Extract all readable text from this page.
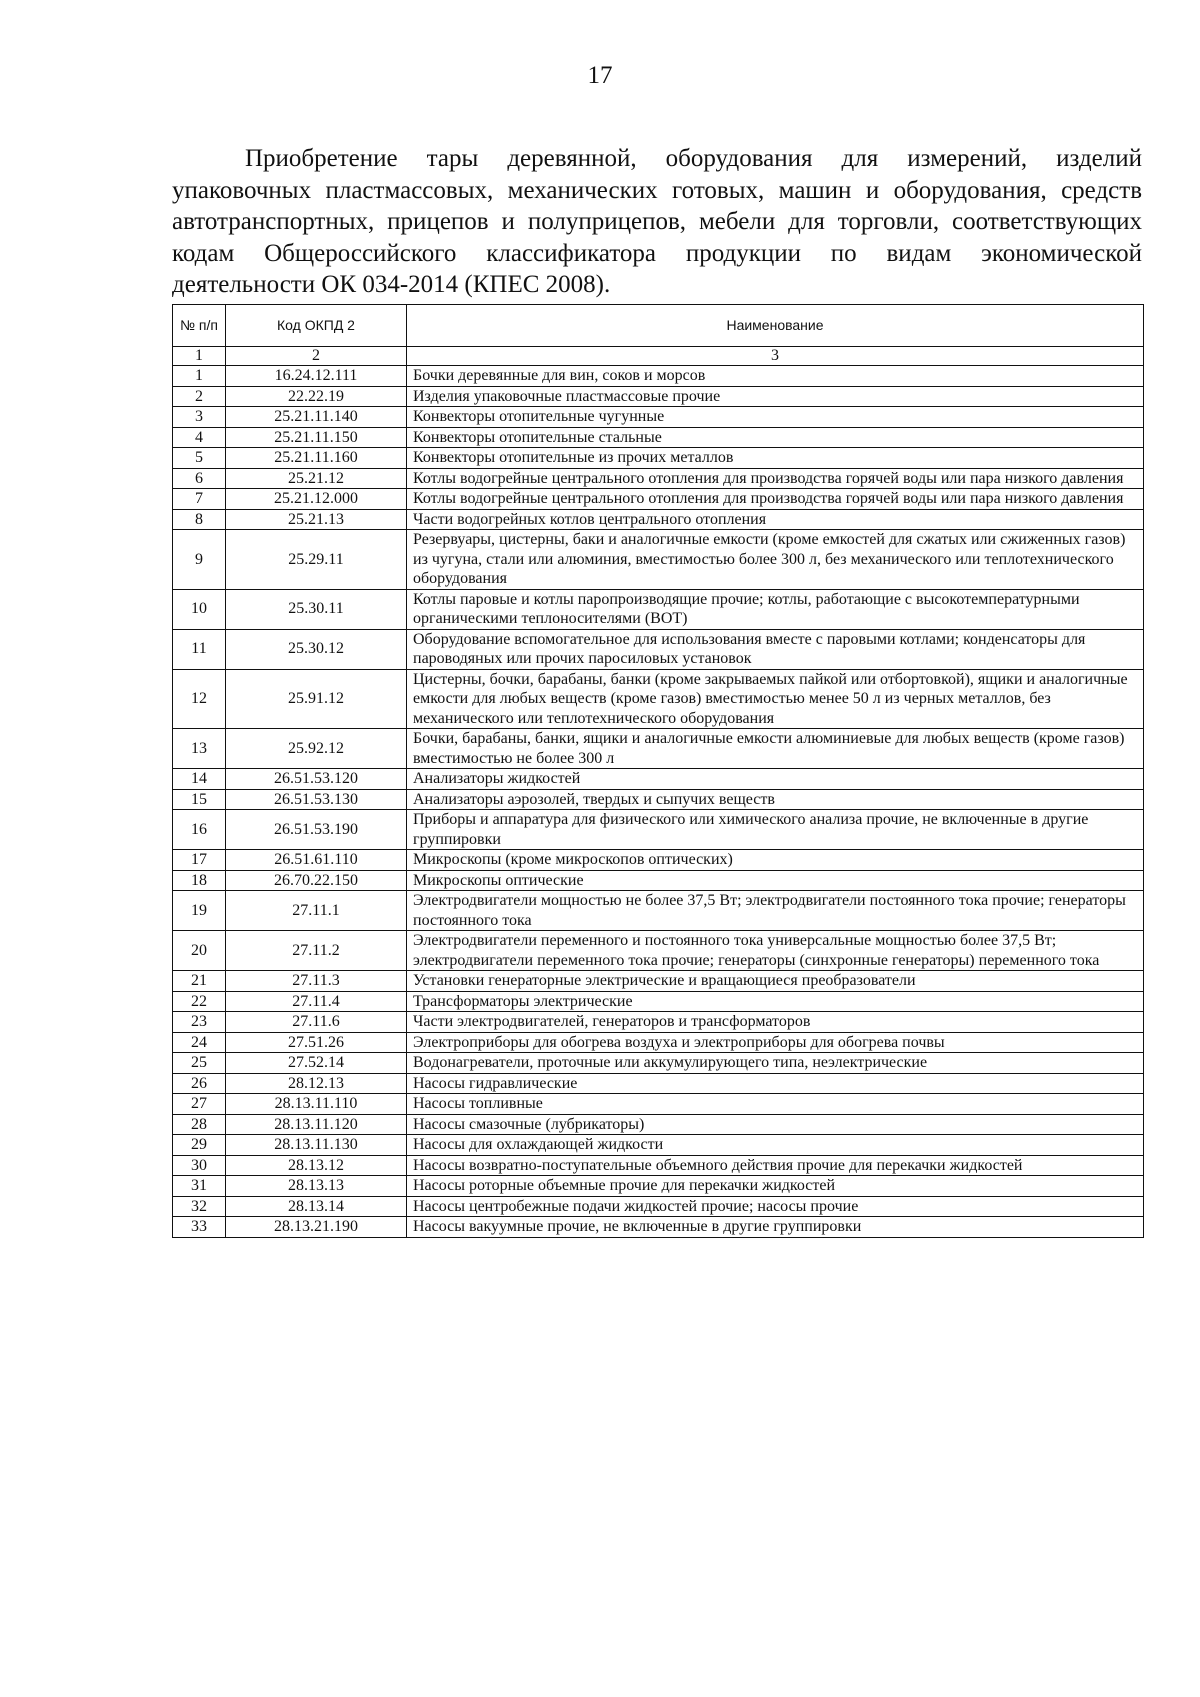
17

Приобретение тары деревянной, оборудования для измерений, изделий упаковочных пластмассовых, механических готовых, машин и оборудования, средств автотранспортных, прицепов и полуприцепов, мебели для торговли, соответствующих кодам Общероссийского классификатора продукции по видам экономической деятельности ОК 034-2014 (КПЕС 2008).

№ п/п	Код ОКПД 2	Наименование
1	2	3
1	16.24.12.111	Бочки деревянные для вин, соков и морсов
2	22.22.19	Изделия упаковочные пластмассовые прочие
3	25.21.11.140	Конвекторы отопительные чугунные
4	25.21.11.150	Конвекторы отопительные стальные
5	25.21.11.160	Конвекторы отопительные из прочих металлов
6	25.21.12	Котлы водогрейные центрального отопления для производства горячей воды или пара низкого давления
7	25.21.12.000	Котлы водогрейные центрального отопления для производства горячей воды или пара низкого давления
8	25.21.13	Части водогрейных котлов центрального отопления
9	25.29.11	Резервуары, цистерны, баки и аналогичные емкости (кроме емкостей для сжатых или сжиженных газов) из чугуна, стали или алюминия, вместимостью более 300 л, без механического или теплотехнического оборудования
10	25.30.11	Котлы паровые и котлы паропроизводящие прочие; котлы, работающие с высокотемпературными органическими теплоносителями (ВОТ)
11	25.30.12	Оборудование вспомогательное для использования вместе с паровыми котлами; конденсаторы для пароводяных или прочих паросиловых установок
12	25.91.12	Цистерны, бочки, барабаны, банки (кроме закрываемых пайкой или отбортовкой), ящики и аналогичные емкости для любых веществ (кроме газов) вместимостью менее 50 л из черных металлов, без механического или теплотехнического оборудования
13	25.92.12	Бочки, барабаны, банки, ящики и аналогичные емкости алюминиевые для любых веществ (кроме газов) вместимостью не более 300 л
14	26.51.53.120	Анализаторы жидкостей
15	26.51.53.130	Анализаторы аэрозолей, твердых и сыпучих веществ
16	26.51.53.190	Приборы и аппаратура для физического или химического анализа прочие, не включенные в другие группировки
17	26.51.61.110	Микроскопы (кроме микроскопов оптических)
18	26.70.22.150	Микроскопы оптические
19	27.11.1	Электродвигатели мощностью не более 37,5 Вт; электродвигатели постоянного тока прочие; генераторы постоянного тока
20	27.11.2	Электродвигатели переменного и постоянного тока универсальные мощностью более 37,5 Вт; электродвигатели переменного тока прочие; генераторы (синхронные генераторы) переменного тока
21	27.11.3	Установки генераторные электрические и вращающиеся преобразователи
22	27.11.4	Трансформаторы электрические
23	27.11.6	Части электродвигателей, генераторов и трансформаторов
24	27.51.26	Электроприборы для обогрева воздуха и электроприборы для обогрева почвы
25	27.52.14	Водонагреватели, проточные или аккумулирующего типа, неэлектрические
26	28.12.13	Насосы гидравлические
27	28.13.11.110	Насосы топливные
28	28.13.11.120	Насосы смазочные (лубрикаторы)
29	28.13.11.130	Насосы для охлаждающей жидкости
30	28.13.12	Насосы возвратно-поступательные объемного действия прочие для перекачки жидкостей
31	28.13.13	Насосы роторные объемные прочие для перекачки жидкостей
32	28.13.14	Насосы центробежные подачи жидкостей прочие; насосы прочие
33	28.13.21.190	Насосы вакуумные прочие, не включенные в другие группировки
